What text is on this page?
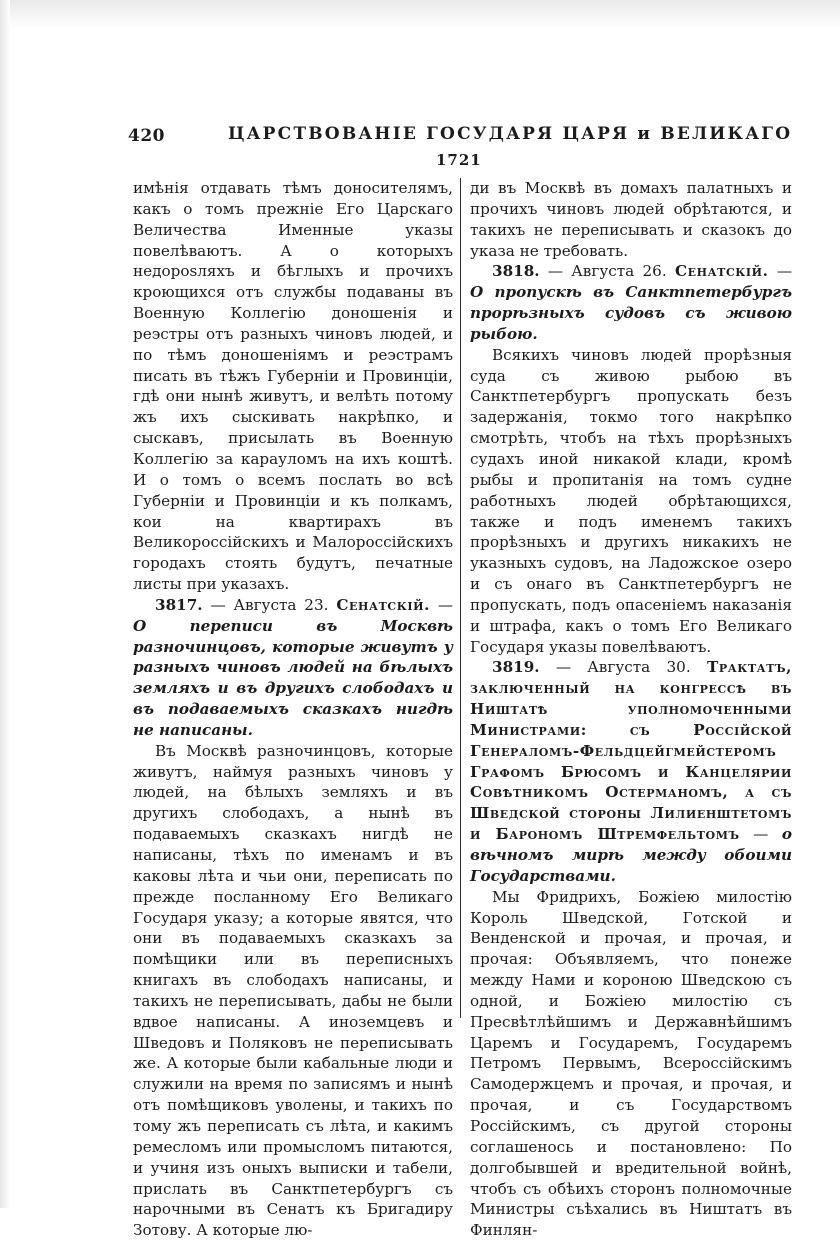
420	ЦАРСТВОВАНІЕ ГОСУДАРЯ ЦАРЯ и ВЕЛИКАГО
1721

имѣнія отдавать тѣмъ доносителямъ, какъ о томъ прежніе Его Царскаго Величества Именные указы повелѣваютъ. А о которыхъ недорosляхъ и бѣглыхъ и прочихъ кроющихся отъ службы подаваны въ Военную Коллегію доношенія и реэстры отъ разныхъ чиновъ людей, и по тѣмъ доношеніямъ и реэстрамъ писать въ тѣжъ Губерніи и Провинціи, гдѣ они нынѣ живутъ, и велѣть потому жъ ихъ сыскивать накрѣпко, и сыскавъ, присылать въ Военную Коллегію за карауломъ на ихъ коштѣ. И о томъ о всемъ послать во всѣ Губерніи и Провинціи и къ полкамъ, кои на квартирахъ въ Великороссійскихъ и Малороссійскихъ городахъ стоять будутъ, печатные листы при указахъ.

3817. — Августа 23. Сенатскій. — О переписи въ Москвѣ разночинцовъ, которые живутъ у разныхъ чиновъ людей на бѣлыхъ земляхъ и въ другихъ слободахъ и въ подаваемыхъ сказкахъ нигдѣ не написаны.

Въ Москвѣ разночинцовъ, которые живутъ, наймуя разныхъ чиновъ у людей, на бѣлыхъ земляхъ и въ другихъ слободахъ, а нынѣ въ подаваемыхъ сказкахъ нигдѣ не написаны, тѣхъ по именамъ и въ каковы лѣта и чьи они, переписать по прежде посланному Его Великаго Государя указу; а которые явятся, что они въ подаваемыхъ сказкахъ за помѣщики или въ переписныхъ книгахъ въ слободахъ написаны, и такихъ не переписывать, дабы не были вдвое написаны. А иноземцевъ и Шведовъ и Поляковъ не переписывать же. А которые были кабальные люди и служили на время по записямъ и нынѣ отъ помѣщиковъ уволены, и такихъ по тому жъ переписать съ лѣта, и какимъ ремесломъ или промысломъ питаются, и учиня изъ оныхъ выписки и табели, прислать въ Санктпетербургъ съ нарочными въ Сенатъ къ Бригадиру Зотову. А которые лю-

ди въ Москвѣ въ домахъ палатныхъ и прочихъ чиновъ людей обрѣтаются, и такихъ не переписывать и сказокъ до указа не требовать.

3818. — Августа 26. Сенатскій. — О пропускѣ въ Санктпетербургъ прорѣзныхъ судовъ съ живою рыбою.

Всякихъ чиновъ людей прорѣзныя суда съ живою рыбою въ Санктпетербургъ пропускать безъ задержанія, токмо того накрѣпко смотрѣть, чтобъ на тѣхъ прорѣзныхъ судахъ иной никакой клади, кромѣ рыбы и пропитанія на томъ судне работныхъ людей обрѣтающихся, также и подъ именемъ такихъ прорѣзныхъ и другихъ никакихъ не указныхъ судовъ, на Ладожское озеро и съ онаго въ Санктпетербургъ не пропускать, подъ опасеніемъ наказанія и штрафа, какъ о томъ Его Великаго Государя указы повелѣваютъ.

3819. — Августа 30. Трактатъ, заключенный на конгрессѣ въ Ништатѣ уполномоченными Министрами: съ Россійской Генераломъ-Фельдцейгмейстеромъ Графомъ Брюсомъ и Канцелярии Совѣтникомъ Остерманомъ, а съ Шведской стороны Лилиенштетомъ и Барономъ Штремфельтомъ — о вѣчномъ мирѣ между обоими Государствами.

Мы Фридрихъ, Божіею милостію Король Шведской, Готской и Венденской и прочая, и прочая, и прочая: Объявляемъ, что понеже между Нами и короною Шведскою съ одной, и Божіею милостію съ Пресвѣтлѣйшимъ и Державнѣйшимъ Царемъ и Государемъ, Государемъ Петромъ Первымъ, Всероссійскимъ Самодержцемъ и прочая, и прочая, и прочая, и съ Государствомъ Россійскимъ, съ другой стороны соглашенось и постановлено: По долгобывшей и вредительной войнѣ, чтобъ съ обѣихъ сторонъ полномочные Министры съѣхались въ Ништатъ въ Финлян-
